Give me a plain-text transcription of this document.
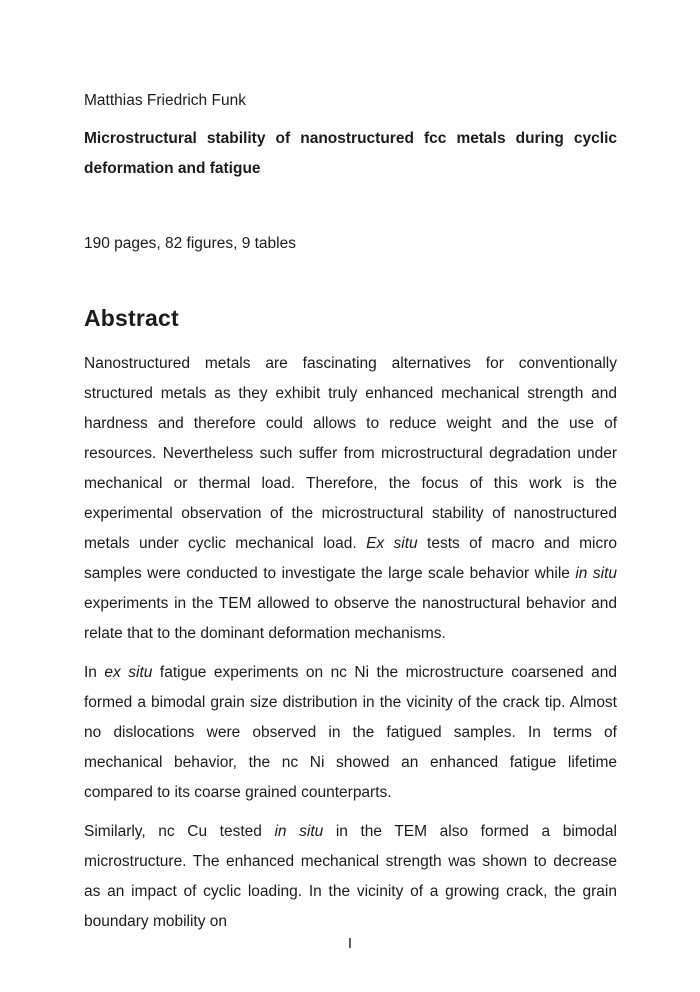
Matthias Friedrich Funk

Microstructural stability of nanostructured fcc metals during cyclic deformation and fatigue

190 pages, 82 figures, 9 tables

Abstract

Nanostructured metals are fascinating alternatives for conventionally structured metals as they exhibit truly enhanced mechanical strength and hardness and therefore could allows to reduce weight and the use of resources. Nevertheless such suffer from microstructural degradation under mechanical or thermal load. Therefore, the focus of this work is the experimental observation of the microstructural stability of nanostructured metals under cyclic mechanical load. Ex situ tests of macro and micro samples were conducted to investigate the large scale behavior while in situ experiments in the TEM allowed to observe the nanostructural behavior and relate that to the dominant deformation mechanisms.

In ex situ fatigue experiments on nc Ni the microstructure coarsened and formed a bimodal grain size distribution in the vicinity of the crack tip. Almost no dislocations were observed in the fatigued samples. In terms of mechanical behavior, the nc Ni showed an enhanced fatigue lifetime compared to its coarse grained counterparts.

Similarly, nc Cu tested in situ in the TEM also formed a bimodal microstructure. The enhanced mechanical strength was shown to decrease as an impact of cyclic loading. In the vicinity of a growing crack, the grain boundary mobility on

I
